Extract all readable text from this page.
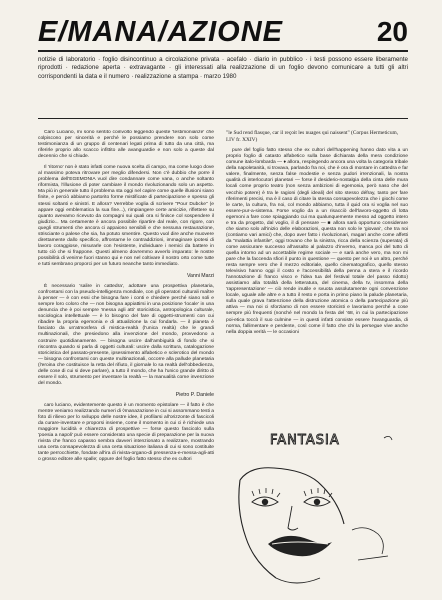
E/MANA/AZIONE	20
notizie di laboratorio · foglio disincontinuo a circolazione privata · acefalo · diario in pubblico · i testi possono essere liberamente riprodotti · redazione aperta · extravagante · gli interessati alla realizzazione di un foglio devono comunicare a tutti gli altri corrispondenti la data e il numero · realizzazione a stampa · marzo 1980

Caro Luciano, mi sono sentito coinvolto leggendo queste 'testimonianze' che colpiscono per sincerità e perché le possiamo prendere non solo come testimonianza di un gruppo di centenari legati prima di tutto da una città, ma riferirle proprio allo scacco infittito alle avanguardie e non solo a queste dal decennio che si chiude.

Il 'ritorno' non è stato infatti come nuova scelta di campo, ma come luogo dove al massimo poteva ritrovare per meglio difendersi. Non c'è dubbio che porre il problema dell'EGEMONIA vuol dire condannare come vana, o anche soltanto riformista, l'illusione di poter cambiare il mondo rivoluzionando solo un aspetto. Ma più in generale tutto il problema sta oggi nel capire come quelle illusioni siano finite, e perciò abbiamo partorito forme mistificate di partecipazione e spesso gli stessi soltanti e sinistri. E allora? Verrebbe voglia di scrivere "Pour Dubcke" (e appare oggi emblematica la sua fine...), rimpiangere certe amicizie, riflettere su quanto avevamo ricevuto da compagni sui quali ora si finisce col sospendere il giudizio... Ma certamente è ancora possibile ripartire dal reale, con rigore, con quegli strumenti che ancora ci appaiono sensibili e che nessuna restaurazione, strisciante o palese che sia, ha potuto smentire. Questo vuol dire anche muovere direttamente dallo specifico, affrontarne le contraddizioni, immaginare ipotesi di lavoro coraggiose, misurarle con l'esistente, individuare i nemici da battere in tutto ciò che si frappone. Questi almeno dovremmo avverlo imparato: le nostre possibilità di venirne fuori stanno qui e non nel coltivare il nostro orto come tutte e tutti sembrano proporci per un futuro neanche tanto immediato.

Vanni Marzi

È necessario 'salire in cattedra', adottare una prospettiva planetaria, confrontarsi con la pseudo-intelligenza mondiale, con gli operatori culturali maître à penser — è con essi che bisogna fare i conti e chiedere perché siano soli e sempre loro coloro che — non bisogna appiattirsi in una posizione 'locale' in una denuncia che è poi sempre 'messa agli atti' storicistica, antropologica culturale, sociologica intellettuale — è lo bisogno del fare di oggetti-strumenti con cui ribadire la propria egemonia e di attualizione la cui fondarla. — il pianeta è fasciato da un'atmosfera di mistica-realtà (l'unica realtà) che le grandi multinazionali, che presiedono alla invenzione del mondo, provvedono a costruire quotidianamente. — bisogna uscire dall'ambiguità di fondo che si riscontra quando si parla di oggetti culturali: uscire dalla scrittura, catalogazione storicistica del passato-presente, ipsessimento alfabetico e sclerotico del mondo — bisogna confrontarsi con queste multinazionali, occorre alla pallude planetaria (l'eroina che costituisce la retta del rifiuto, il giornale lo sa realtà dell'obbedienza, delle cose di cui si deve parlare), a tutto il mondo, che ha l'unico grande diritto di essere il solo, strumento per inventare la realtà — la manualità come invenzione del mondo.

Pietro P. Daniele

caro luciano, evidentemente questo è un momento epistolare — il fatto è che mentre veniamo realizzando numeri di ◊manazazione in cui si assommano testi a foto di rilievo per lo sviluppo delle nostre idee, il profilarsi all'orizzonte di fascicoli da curare-inventare e proporsi insieme, come il momento in cui ci è richiede una maggiore lucidità e chiarezza di prospettive — forse questo fascicolo sulla 'poesia a napoli' può essere considerato una specie di preparazione per la nuova rivista che franco capasso sembra davveri intenzionato a realizzare, mostrando una certa consapevolezza di una certa situazione italiana di cui si sono costituite tante perrocchiette, fondate all'ira di rivista-organo-di pressenza-e-messa-agli-atti o grosso editore alle spalle; oppure del foglio fatto stesso che ex cultori

"le Sud rend flasque, car il reçoit les nuages qui naissent" (Corpus Hermeticum, I.IV fr. XXIV)

pure del foglio fatto stesso che ex cultori dell'happening hanno dato vita a un proprio foglio di catasto alfabetico sulla base dichiarata della mera condizione comune italo-lombarda — ♦ allora, respingendo ancora una volta la categoria tribale della napoletanità, si trovava, parlando fra noi, che è ora di montare in cattedra e far valere, finalmente, senza false modestie e senza pudori irrenzionali, la nostra qualità di interlocutori planetari — forse il desiderio-nostalgia della cinta delle mura locali come proprio teatro (non senza ambizioni di egemonia, però naso che del vecchio potere) è tra le ragioni (degli ideali) del sito stesso défray, tanto per fare riferimenti precisi, ma è il caso di citare la stessa consapevolezza che i giochi come le carte, la cultura, fra noi, col mondo abbiamo, tutta il quid ora si voglia nel suo essere-pur-a-sistema. Forse voglio da a un risacciò dell'lavoro-oggetto di lotta egemoni a fare cose spiaggiando cui ma qualunquemente messo ad oggetto intero e tra da progetto, dal voglio, il di pensare — ■ allora sarà opportuno considerare che siamo solo all'inizio delle elaborazioni, questa non solo le 'giovani', che tra noi (contiamo vari amici) che, dopo aver fatto i rivoluzionari, magari anche come affetti da "malattia infantile", oggi trovano che la sinistra, ricca della scienza (superata) di come assicurare successo all'assalto al palazzo d'inverno, manca poi del tutto di quella intorno ad un accettabile regime sociale — e sarà anche vero, ma non mi pare che la faccenda sfiori il punto in questione — questo per noi è un altro, perché resta sempre vero che il mezzo editoriale, quello cinematografico, quello stesso televisivo hanno oggi il costo e l'accessibilità della penna a stera e il ricordo l'annotazione di franco visco e l'idea tua del festival totale del passo ridotto) assistiamo alla totalità della letteratura, del cinema, della tv, insomma della 'rappresentazione' — ciò rende inutile e svuota assolutamente ogni convenzione locale, uguale alle altre e a tutto il resto e porta in primo piano la palude planetaria, sulla quale grava l'attenzione della distruzione atomica o della partecipazione più attiva — ma noi ci sforziamo di non essere storicisti e lavoriamo perché a cose sempre più frequenti (nonché nel mondo la festa del '68, in cui la partecipazione poi-etica toccò il suo culmine — in questi infatti consiste essere l'avanguardia, di norma, fallimentare e perdente, così come il fatto che chi la persegue vive anche nella doppia verità — le occasioni

FANTASIA
